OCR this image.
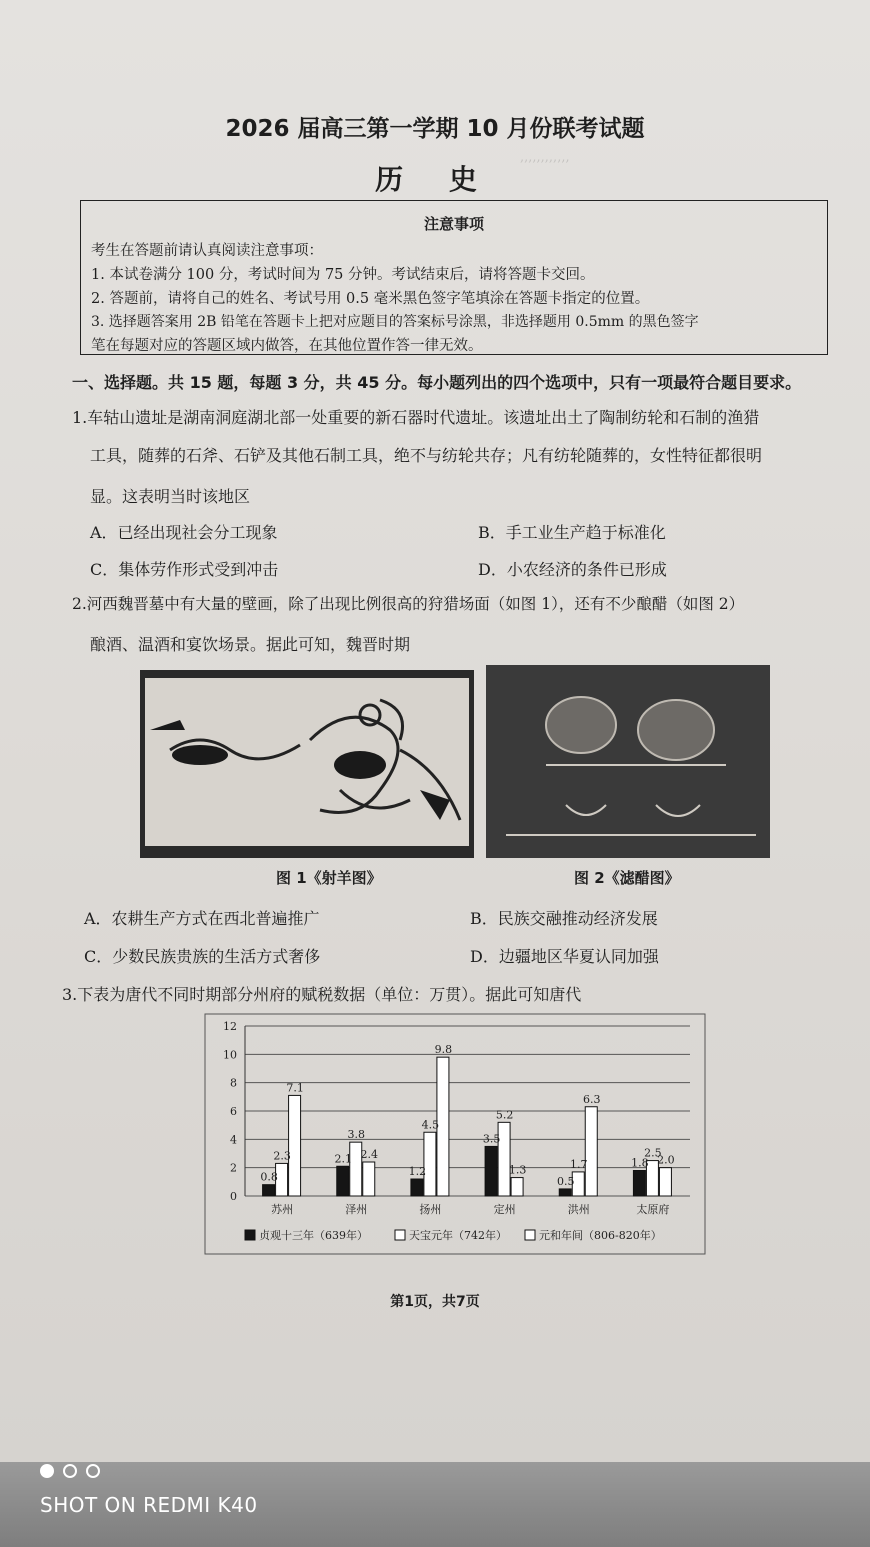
,,,,,,,,,,,,
2026 届高三第一学期 10 月份联考试题
历 史
注意事项
考生在答题前请认真阅读注意事项：
1. 本试卷满分 100 分，考试时间为 75 分钟。考试结束后，请将答题卡交回。
2. 答题前，请将自己的姓名、考试号用 0.5 毫米黑色签字笔填涂在答题卡指定的位置。
3. 选择题答案用 2B 铅笔在答题卡上把对应题目的答案标号涂黑，非选择题用 0.5mm 的黑色签字
笔在每题对应的答题区域内做答，在其他位置作答一律无效。
一、选择题。共 15 题，每题 3 分，共 45 分。每小题列出的四个选项中，只有一项最符合题目要求。
1.车轱山遗址是湖南洞庭湖北部一处重要的新石器时代遗址。该遗址出土了陶制纺轮和石制的渔猎
工具，随葬的石斧、石铲及其他石制工具，绝不与纺轮共存；凡有纺轮随葬的，女性特征都很明
显。这表明当时该地区
A．已经出现社会分工现象	B．手工业生产趋于标准化
C．集体劳作形式受到冲击	D．小农经济的条件已形成
2.河西魏晋墓中有大量的壁画，除了出现比例很高的狩猎场面（如图 1），还有不少酿醋（如图 2）
酿酒、温酒和宴饮场景。据此可知，魏晋时期
图 1《射羊图》	图 2《滤醋图》
A．农耕生产方式在西北普遍推广	B．民族交融推动经济发展
C．少数民族贵族的生活方式奢侈	D．边疆地区华夏认同加强
3.下表为唐代不同时期部分州府的赋税数据（单位：万贯）。据此可知唐代
0
2
4
6
8
10
12
0.8
2.3
7.1
苏州
2.1
3.8
2.4
泽州
1.2
4.5
9.8
扬州
3.5
5.2
1.3
定州
0.5
1.7
6.3
洪州
1.8
2.5
2.0
太原府
贞观十三年（639年）	天宝元年（742年）	元和年间（806-820年）
第1页，共7页
SHOT ON REDMI K40
